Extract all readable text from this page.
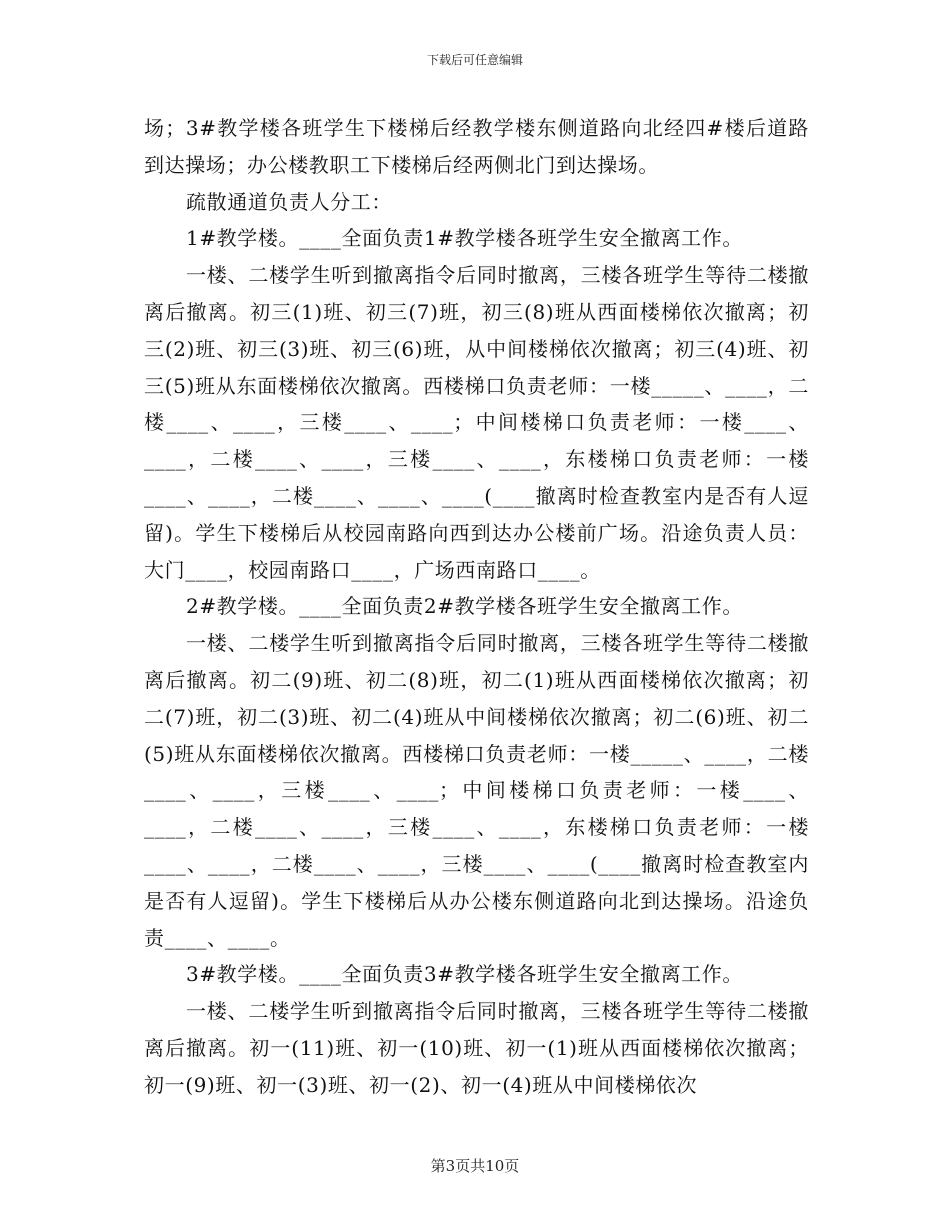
下载后可任意编辑

场；3#教学楼各班学生下楼梯后经教学楼东侧道路向北经四#楼后道路到达操场；办公楼教职工下楼梯后经两侧北门到达操场。

疏散通道负责人分工：

1#教学楼。____全面负责1#教学楼各班学生安全撤离工作。

一楼、二楼学生听到撤离指令后同时撤离，三楼各班学生等待二楼撤离后撤离。初三(1)班、初三(7)班，初三(8)班从西面楼梯依次撤离；初三(2)班、初三(3)班、初三(6)班，从中间楼梯依次撤离；初三(4)班、初三(5)班从东面楼梯依次撤离。西楼梯口负责老师：一楼_____、____，二楼____、____，三楼____、____；中间楼梯口负责老师：一楼____、____，二楼____、____，三楼____、____，东楼梯口负责老师：一楼____、____，二楼____、____、____(____撤离时检查教室内是否有人逗留)。学生下楼梯后从校园南路向西到达办公楼前广场。沿途负责人员：大门____，校园南路口____，广场西南路口____。

2#教学楼。____全面负责2#教学楼各班学生安全撤离工作。

一楼、二楼学生听到撤离指令后同时撤离，三楼各班学生等待二楼撤离后撤离。初二(9)班、初二(8)班，初二(1)班从西面楼梯依次撤离；初二(7)班，初二(3)班、初二(4)班从中间楼梯依次撤离；初二(6)班、初二(5)班从东面楼梯依次撤离。西楼梯口负责老师：一楼_____、____，二楼____、____，三楼____、____；中间楼梯口负责老师：一楼____、____，二楼____、____，三楼____、____，东楼梯口负责老师：一楼____、____，二楼____、____，三楼____、____(____撤离时检查教室内是否有人逗留)。学生下楼梯后从办公楼东侧道路向北到达操场。沿途负责____、____。

3#教学楼。____全面负责3#教学楼各班学生安全撤离工作。

一楼、二楼学生听到撤离指令后同时撤离，三楼各班学生等待二楼撤离后撤离。初一(11)班、初一(10)班、初一(1)班从西面楼梯依次撤离；初一(9)班、初一(3)班、初一(2)、初一(4)班从中间楼梯依次

第3页共10页
